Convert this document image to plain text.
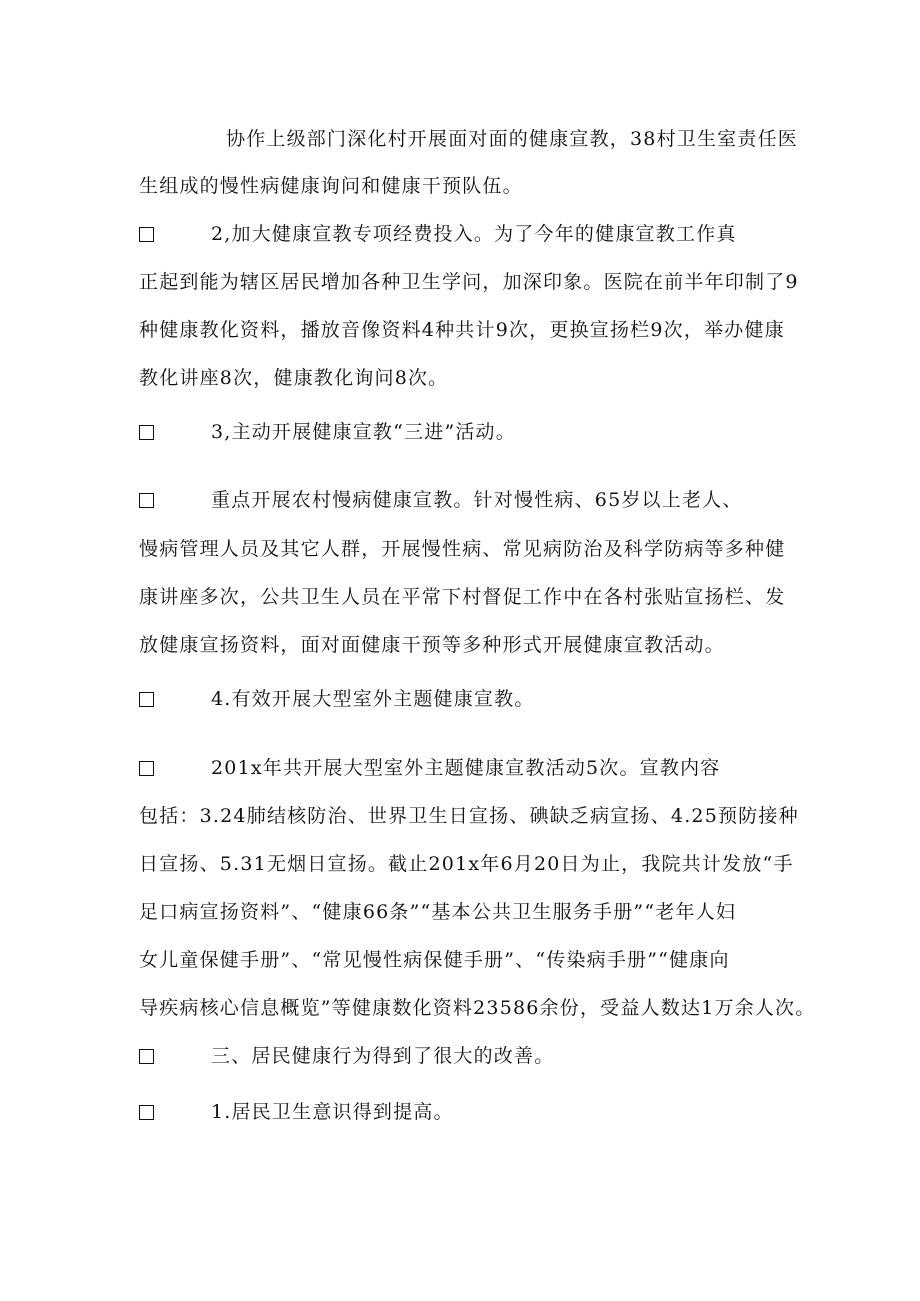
协作上级部门深化村开展面对面的健康宣教，38村卫生室责任医
生组成的慢性病健康询问和健康干预队伍。
2,加大健康宣教专项经费投入。为了今年的健康宣教工作真
正起到能为辖区居民增加各种卫生学问，加深印象。医院在前半年印制了9
种健康教化资料，播放音像资料4种共计9次，更换宣扬栏9次，举办健康
教化讲座8次，健康教化询问8次。
3,主动开展健康宣教“三进”活动。
重点开展农村慢病健康宣教。针对慢性病、65岁以上老人、
慢病管理人员及其它人群，开展慢性病、常见病防治及科学防病等多种健
康讲座多次，公共卫生人员在平常下村督促工作中在各村张贴宣扬栏、发
放健康宣扬资料，面对面健康干预等多种形式开展健康宣教活动。
4.有效开展大型室外主题健康宣教。
201x年共开展大型室外主题健康宣教活动5次。宣教内容
包括：3.24肺结核防治、世界卫生日宣扬、碘缺乏病宣扬、4.25预防接种
日宣扬、5.31无烟日宣扬。截止201x年6月20日为止，我院共计发放“手
足口病宣扬资料”、“健康66条”“基本公共卫生服务手册”“老年人妇
女儿童保健手册”、“常见慢性病保健手册”、“传染病手册”“健康向
导疾病核心信息概览”等健康数化资料23586余份，受益人数达1万余人次。
三、居民健康行为得到了很大的改善。
1.居民卫生意识得到提高。
